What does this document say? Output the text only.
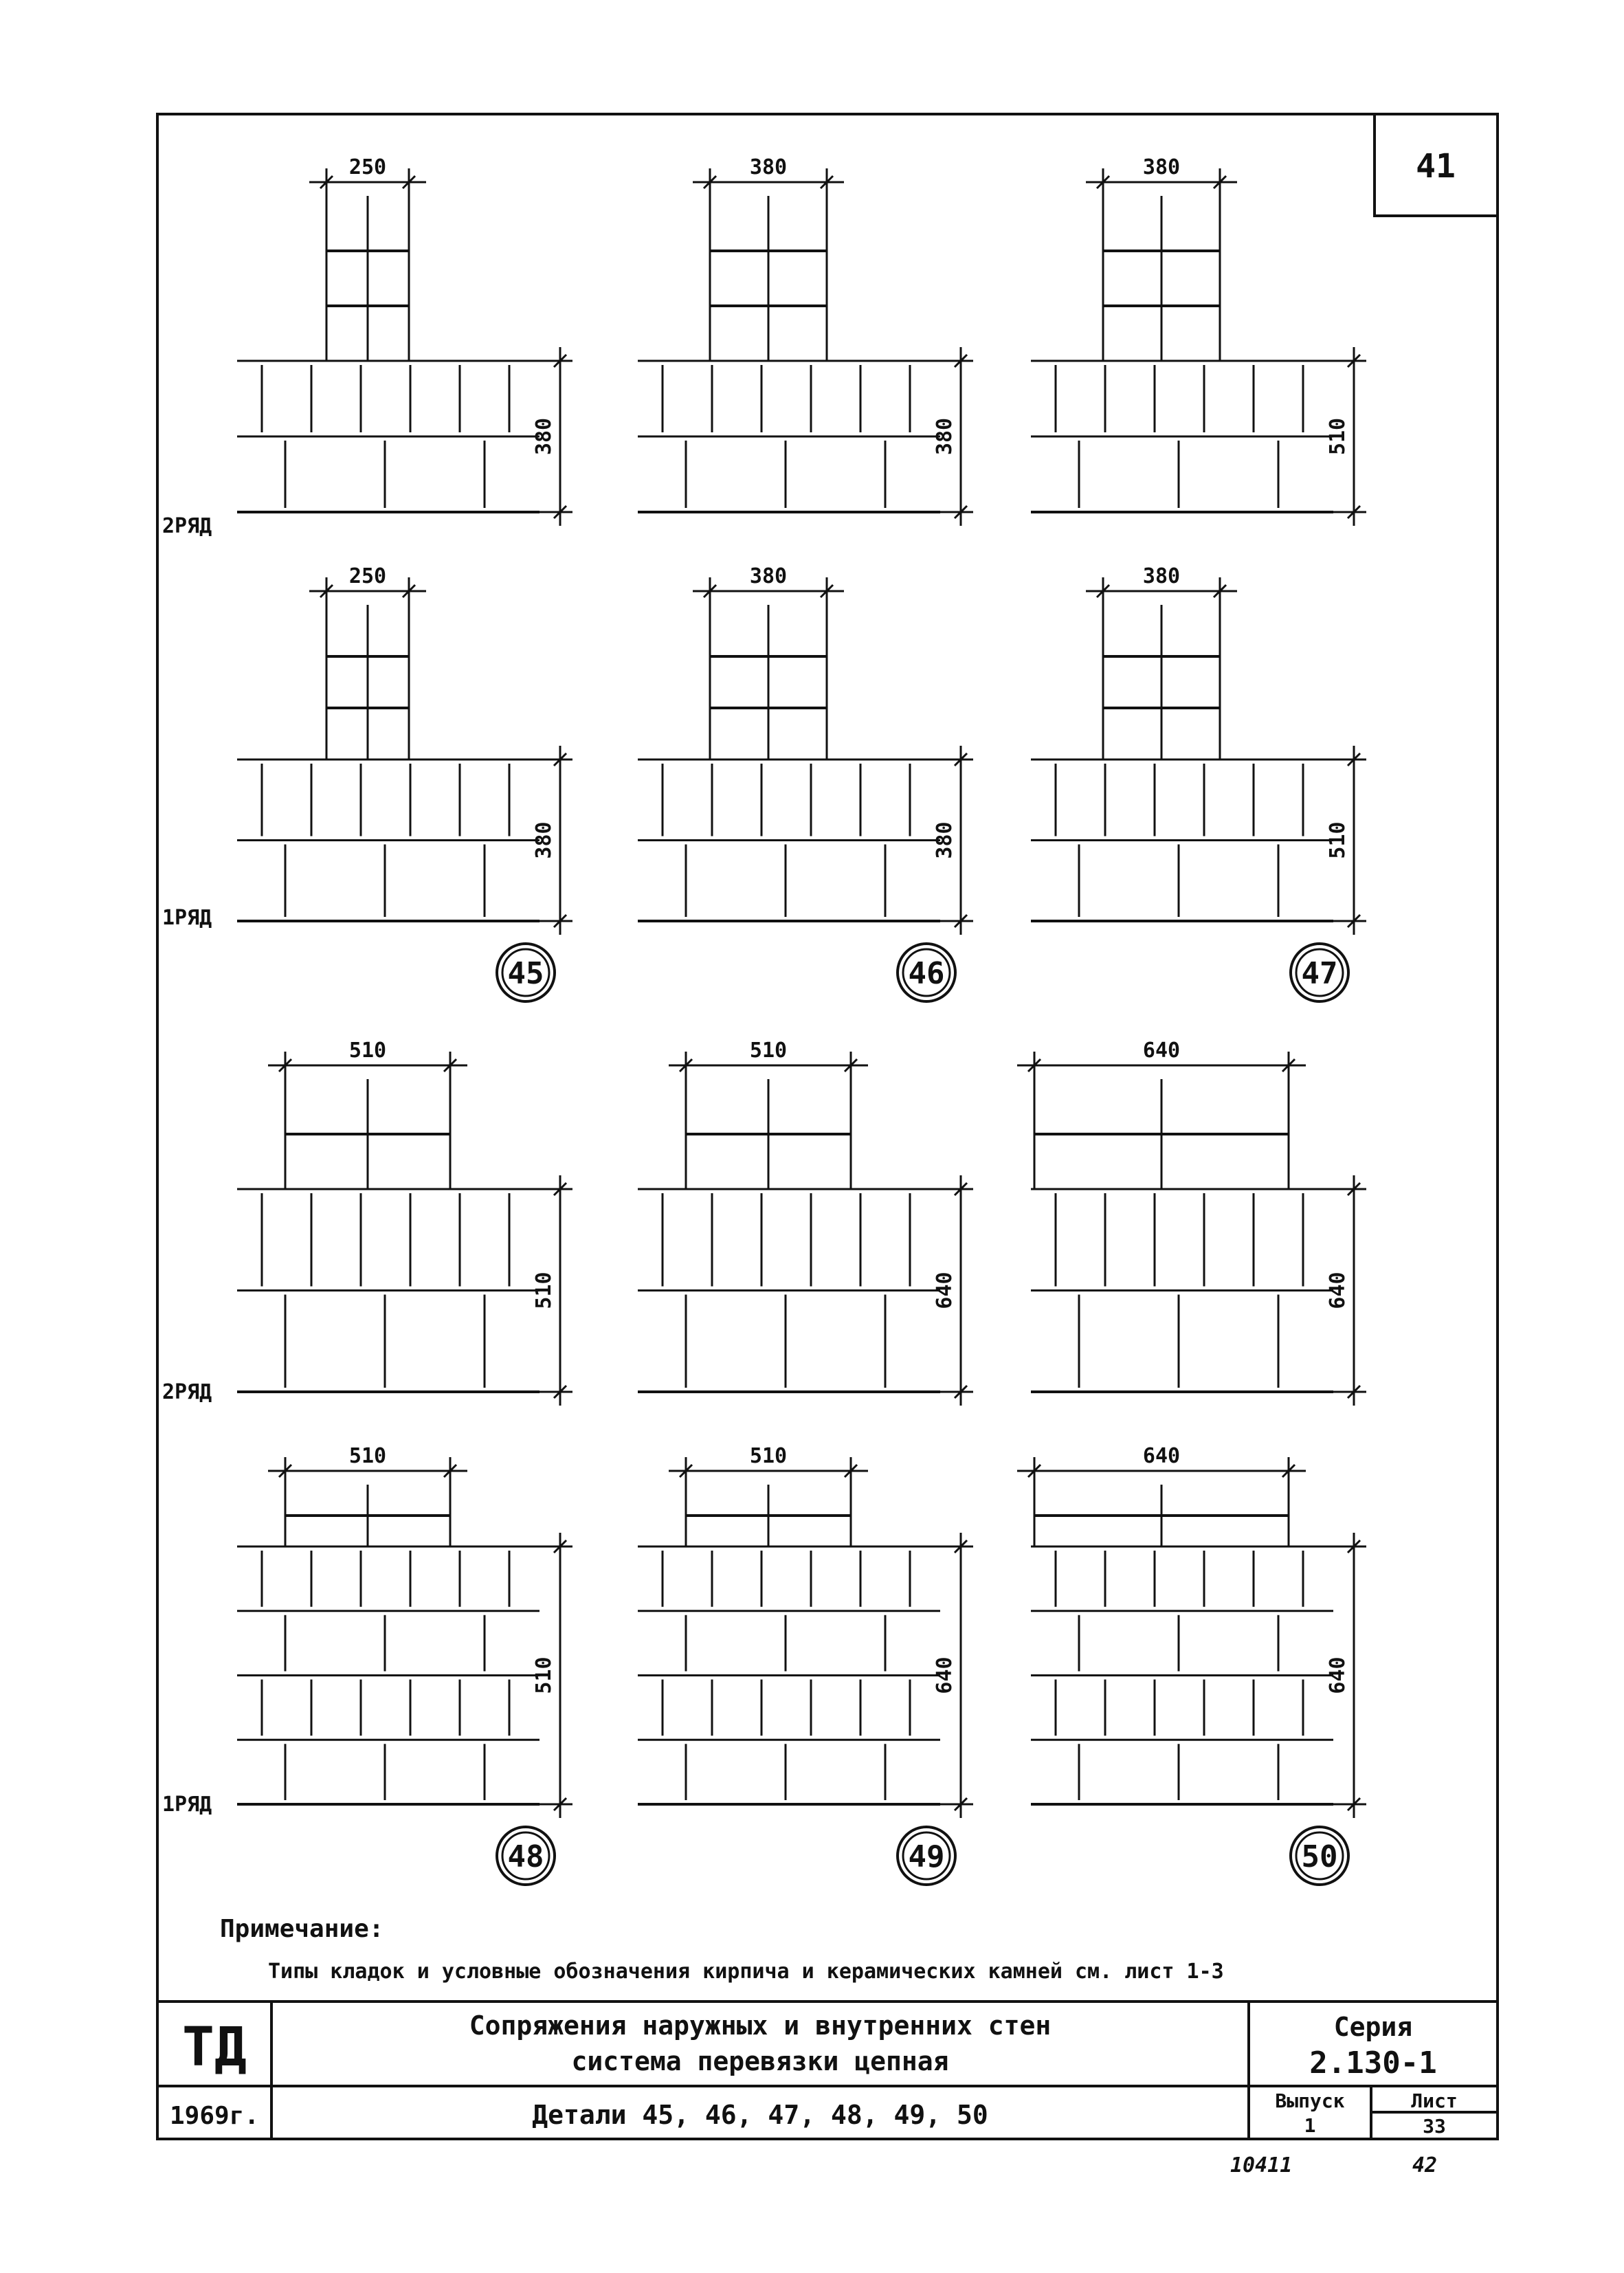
250
380
380
380
380
510
250
380
45
380
380
46
380
510
47
510
510
510
640
640
640
510
510
48
510
640
49
640
640
50
41
2РЯД
1РЯД
2РЯД
1РЯД
Примечание:
Типы кладок и условные обозначения кирпича и керамических камней см. лист 1-3
ТД
1969г.
Сопряжения наружных и внутренних стен
система перевязки цепная
Детали 45, 46, 47, 48, 49, 50
Серия
2.130-1
Выпуск
1
Лист
33
10411	42
